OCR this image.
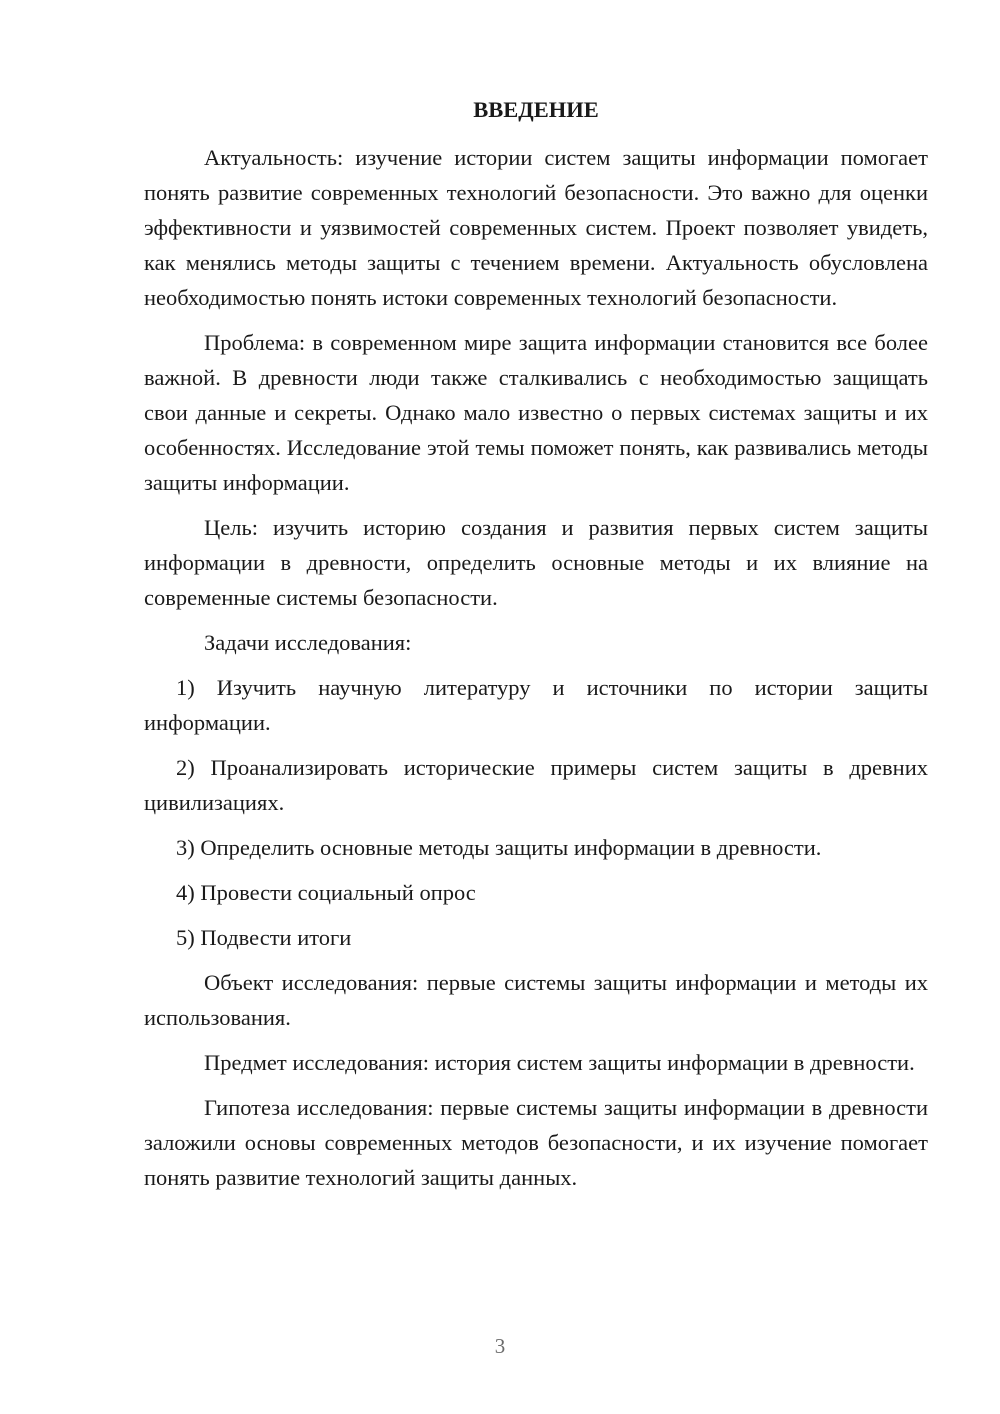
ВВЕДЕНИЕ

Актуальность: изучение истории систем защиты информации помогает понять развитие современных технологий безопасности. Это важно для оценки эффективности и уязвимостей современных систем. Проект позволяет увидеть, как менялись методы защиты с течением времени. Актуальность обусловлена необходимостью понять истоки современных технологий безопасности.

Проблема: в современном мире защита информации становится все более важной. В древности люди также сталкивались с необходимостью защищать свои данные и секреты. Однако мало известно о первых системах защиты и их особенностях. Исследование этой темы поможет понять, как развивались методы защиты информации.

Цель: изучить историю создания и развития первых систем защиты информации в древности, определить основные методы и их влияние на современные системы безопасности.

Задачи исследования:

1) Изучить научную литературу и источники по истории защиты информации.

2) Проанализировать исторические примеры систем защиты в древних цивилизациях.

3) Определить основные методы защиты информации в древности.

4) Провести социальный опрос

5) Подвести итоги

Объект исследования: первые системы защиты информации и методы их использования.

Предмет исследования: история систем защиты информации в древности.

Гипотеза исследования: первые системы защиты информации в древности заложили основы современных методов безопасности, и их изучение помогает понять развитие технологий защиты данных.

3
